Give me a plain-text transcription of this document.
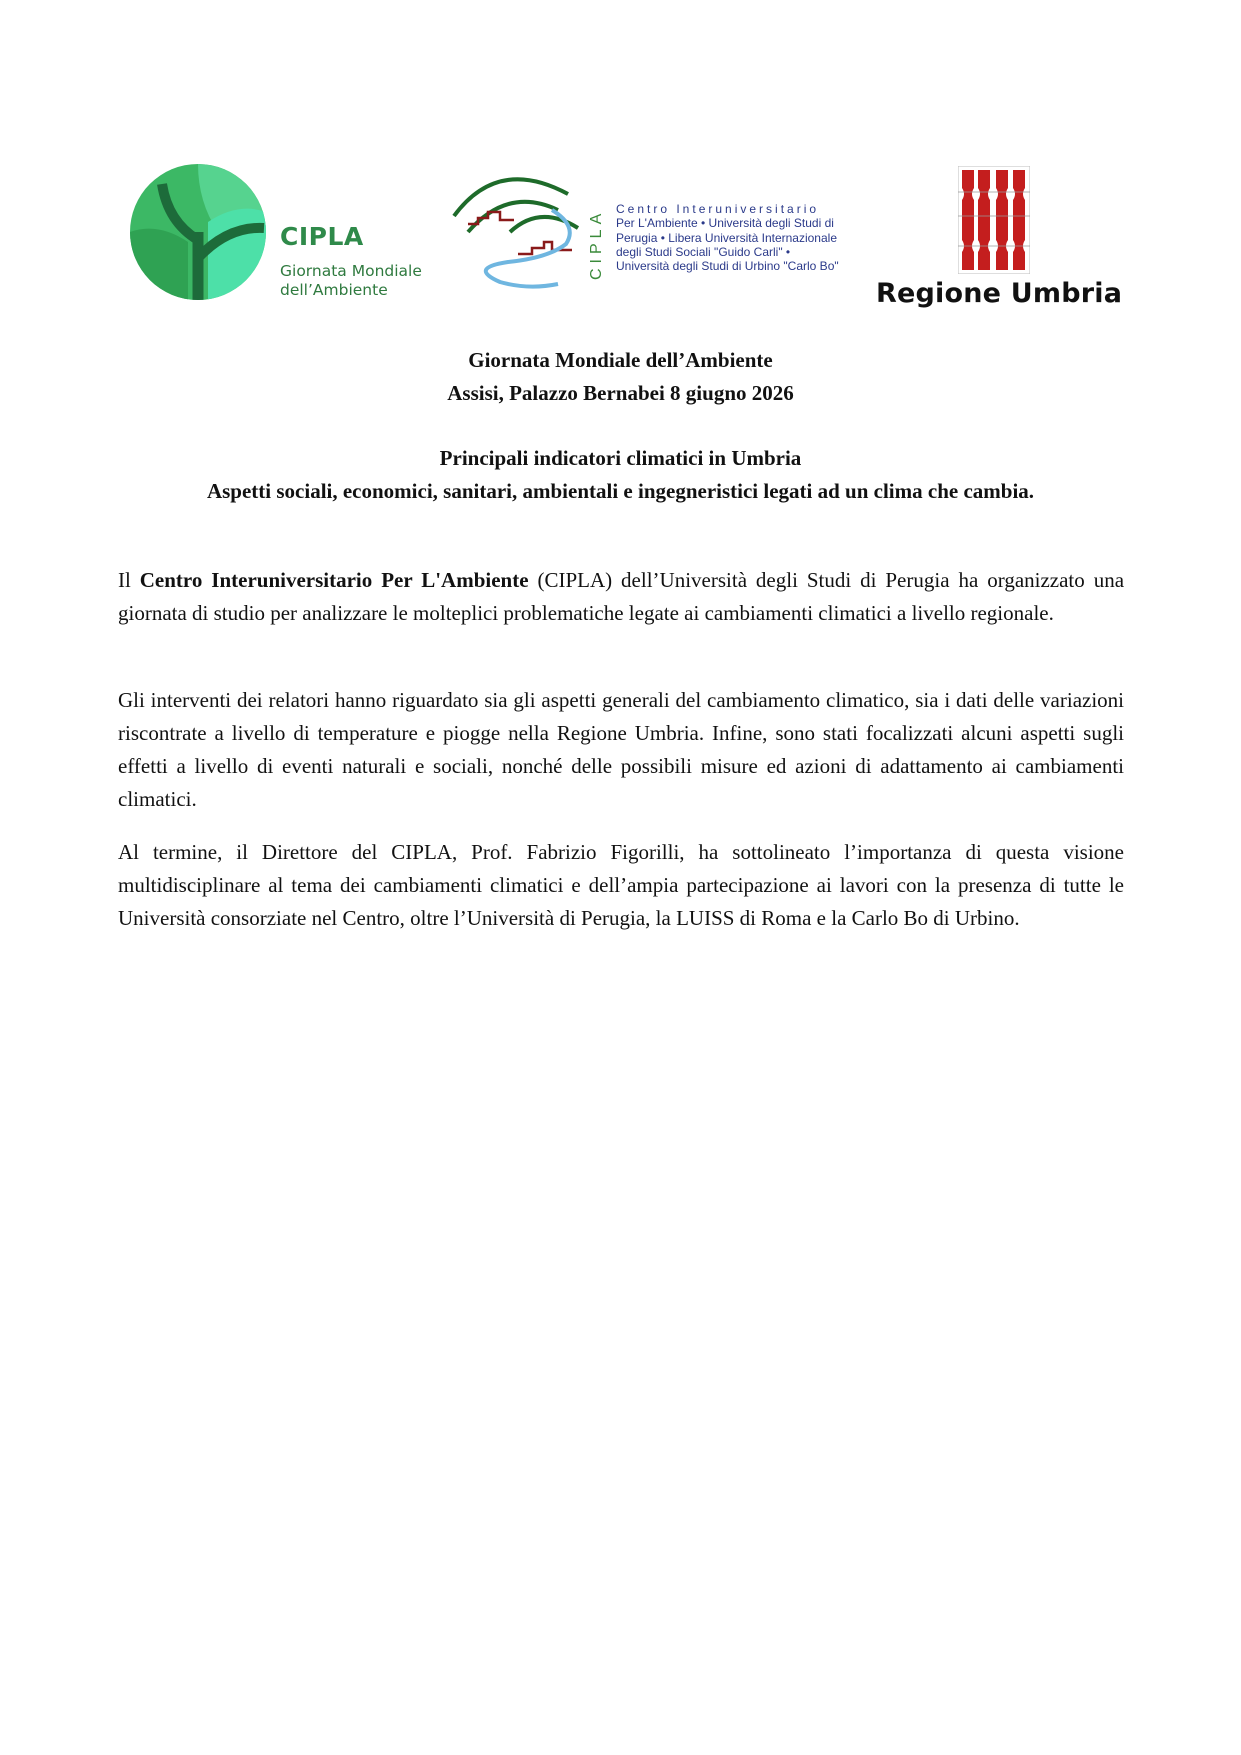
CIPLA
Giornata Mondiale
dell’Ambiente
CIPLA Centro Interuniversitario
Per L'Ambiente • Università degli Studi di
Perugia • Libera Università Internazionale
degli Studi Sociali "Guido Carli" •
Università degli Studi di Urbino "Carlo Bo"
Regione Umbria

Giornata Mondiale dell’Ambiente

Assisi, Palazzo Bernabei 8 giugno 2026

Principali indicatori climatici in Umbria

Aspetti sociali, economici, sanitari, ambientali e ingegneristici legati ad un clima che cambia.

Il Centro Interuniversitario Per L'Ambiente (CIPLA) dell’Università degli Studi di Perugia ha organizzato una giornata di studio per analizzare le molteplici problematiche legate ai cambiamenti climatici a livello regionale.

Gli interventi dei relatori hanno riguardato sia gli aspetti generali del cambiamento climatico, sia i dati delle variazioni riscontrate a livello di temperature e piogge nella Regione Umbria. Infine, sono stati focalizzati alcuni aspetti sugli effetti a livello di eventi naturali e sociali, nonché delle possibili misure ed azioni di adattamento ai cambiamenti climatici.

Al termine, il Direttore del CIPLA, Prof. Fabrizio Figorilli, ha sottolineato l’importanza di questa visione multidisciplinare al tema dei cambiamenti climatici e dell’ampia partecipazione ai lavori con la presenza di tutte le Università consorziate nel Centro, oltre l’Università di Perugia, la LUISS di Roma e la Carlo Bo di Urbino.
